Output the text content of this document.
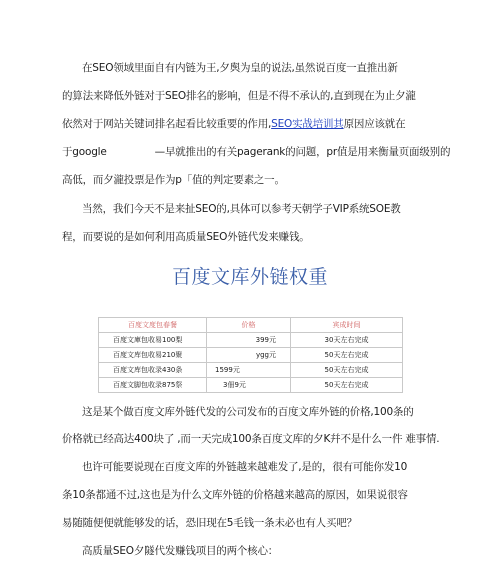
在SEO领域里面自有内链为王,夕舆为皇的说法,虽然说百度一直推出新
的算法来降低外链对于SEO排名的影响，但是不得不承认的,直到现在为止夕瀧
依然对于网站关键词排名起看比较重要的作用,SEO实战培训其原因应该就在
于google	—早就推出的有关pagerank的问题，pr值是用来衡量页面级别的
高低，而夕瀧投票是作为p「值的判定要素之一。
当然，我们今天不是来扯SEO的,具体可以参考天朝学子VIP系统SOE教
程，而要说的是如何利用高质量SEO外链代发来赚钱。
百度文库外链权重
百度文度包春餐	价格	宾成时间
百度文庫包收易100梨	399元	30天左右完成
百度文库包收易210聚	ygg元	50天左右完成
百度文库包收录430条	1599元	50天左右完成
百度文脚包收录875祭	3佃9元	50天左右完成
这是某个做百度文库外链代发的公司发布的百度文库外链的价格,100条的
价格就已经高达400块了 ,而一天完成100条百度文库的夕K幷不是什么一件 难事情.
也许可能要说现在百度文库的外链越来越难发了,是的，很有可能你发10
条10条都通不过,这也是为什么文库外链的价格越来越高的原因，如果说很容
易随随便便就能够发的话，恐旧现在5毛钱一条未必也有人买吧？
高质量SEO夕隧代发赚钱项目的两个核心：
